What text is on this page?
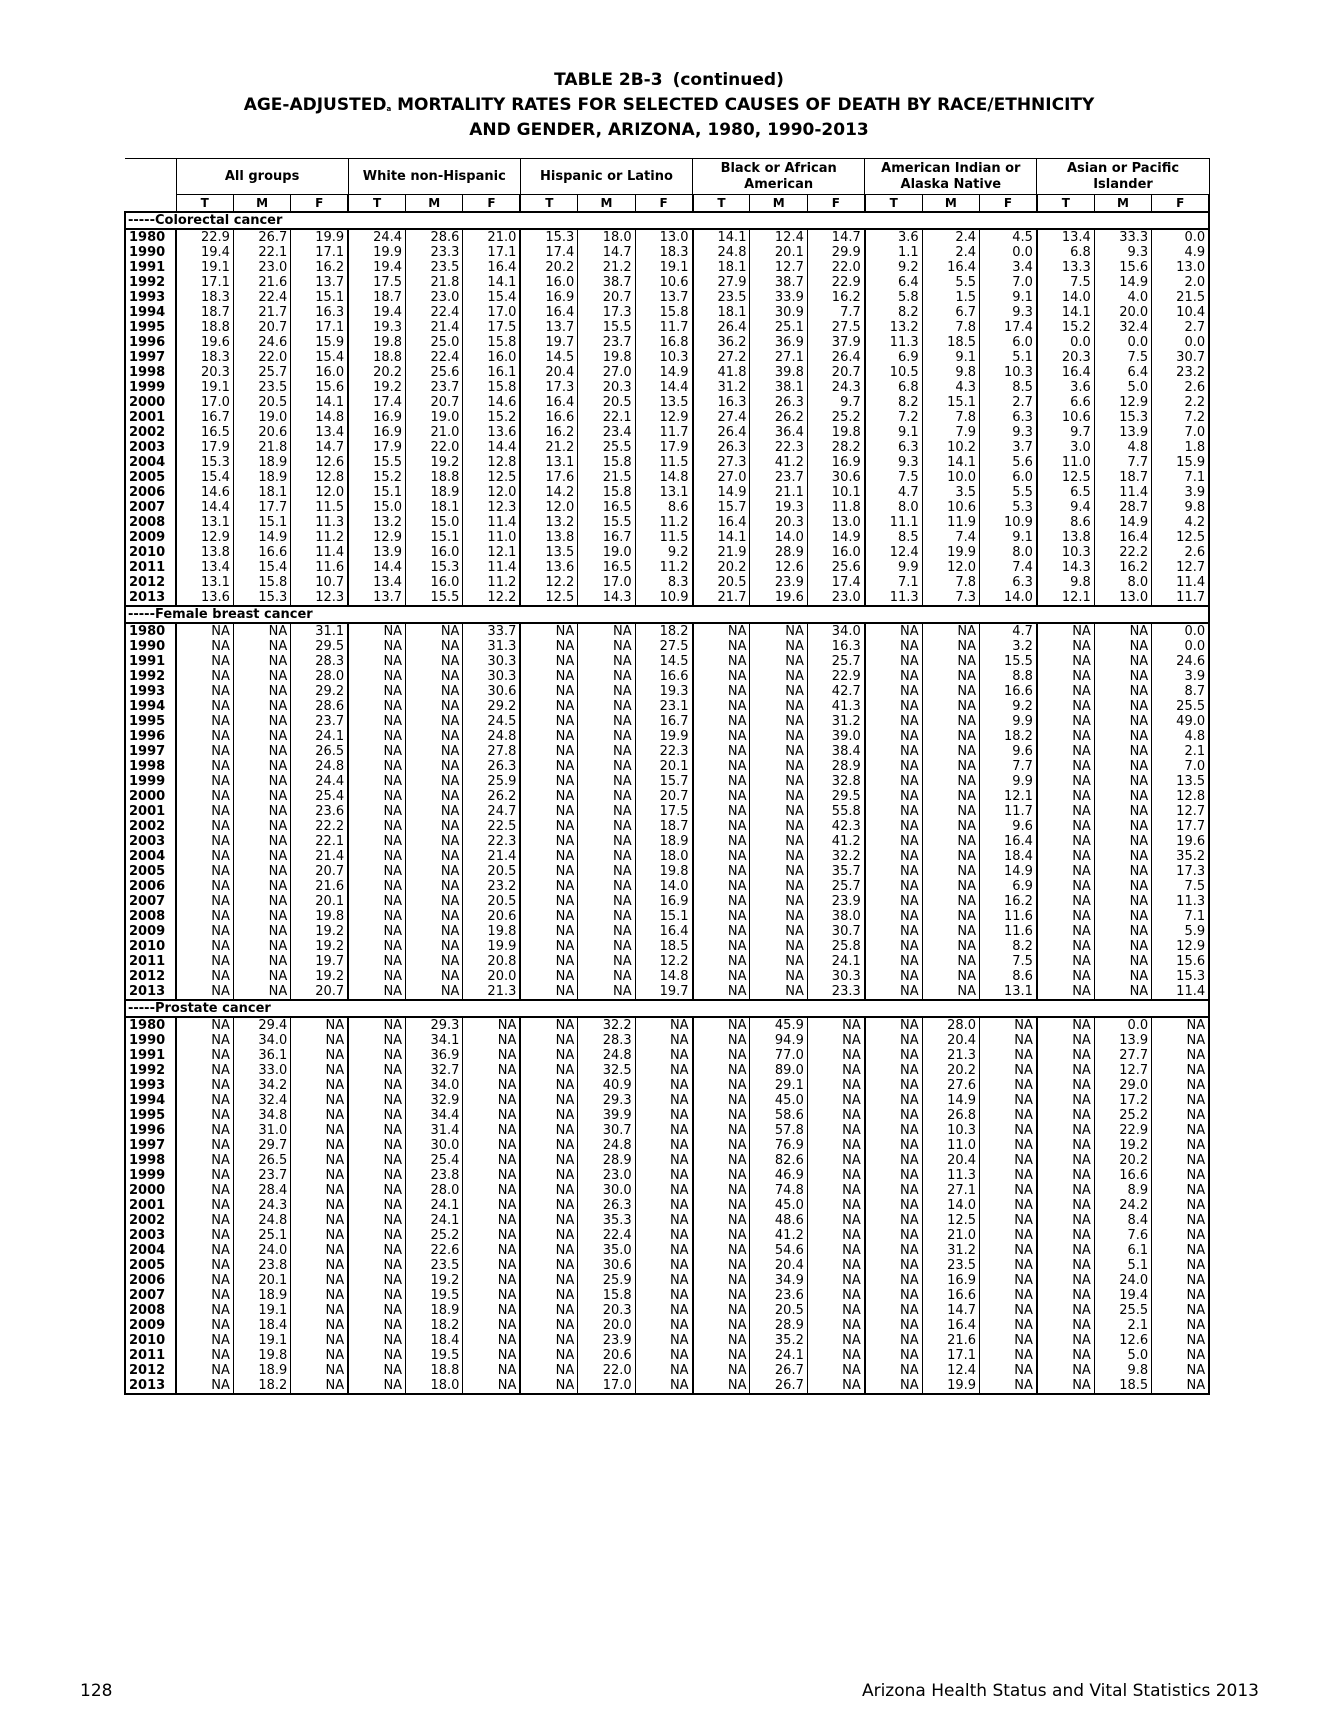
TABLE 2B-3 (continued)
AGE-ADJUSTED$^a$ MORTALITY RATES FOR SELECTED CAUSES OF DEATH BY RACE/ETHNICITY
AND GENDER, ARIZONA, 1980, 1990-2013
	All groups			White non-Hispanic			Hispanic or Latino			Black or African American			American Indian or Alaska Native			Asian or Pacific Islander		
	T	M	F	T	M	F	T	M	F	T	M	F	T	M	F	T	M	F
-----Colorectal cancer																		
1980	22.9	26.7	19.9	24.4	28.6	21.0	15.3	18.0	13.0	14.1	12.4	14.7	3.6	2.4	4.5	13.4	33.3	0.0
1990	19.4	22.1	17.1	19.9	23.3	17.1	17.4	14.7	18.3	24.8	20.1	29.9	1.1	2.4	0.0	6.8	9.3	4.9
1991	19.1	23.0	16.2	19.4	23.5	16.4	20.2	21.2	19.1	18.1	12.7	22.0	9.2	16.4	3.4	13.3	15.6	13.0
1992	17.1	21.6	13.7	17.5	21.8	14.1	16.0	38.7	10.6	27.9	38.7	22.9	6.4	5.5	7.0	7.5	14.9	2.0
1993	18.3	22.4	15.1	18.7	23.0	15.4	16.9	20.7	13.7	23.5	33.9	16.2	5.8	1.5	9.1	14.0	4.0	21.5
1994	18.7	21.7	16.3	19.4	22.4	17.0	16.4	17.3	15.8	18.1	30.9	7.7	8.2	6.7	9.3	14.1	20.0	10.4
1995	18.8	20.7	17.1	19.3	21.4	17.5	13.7	15.5	11.7	26.4	25.1	27.5	13.2	7.8	17.4	15.2	32.4	2.7
1996	19.6	24.6	15.9	19.8	25.0	15.8	19.7	23.7	16.8	36.2	36.9	37.9	11.3	18.5	6.0	0.0	0.0	0.0
1997	18.3	22.0	15.4	18.8	22.4	16.0	14.5	19.8	10.3	27.2	27.1	26.4	6.9	9.1	5.1	20.3	7.5	30.7
1998	20.3	25.7	16.0	20.2	25.6	16.1	20.4	27.0	14.9	41.8	39.8	20.7	10.5	9.8	10.3	16.4	6.4	23.2
1999	19.1	23.5	15.6	19.2	23.7	15.8	17.3	20.3	14.4	31.2	38.1	24.3	6.8	4.3	8.5	3.6	5.0	2.6
2000	17.0	20.5	14.1	17.4	20.7	14.6	16.4	20.5	13.5	16.3	26.3	9.7	8.2	15.1	2.7	6.6	12.9	2.2
2001	16.7	19.0	14.8	16.9	19.0	15.2	16.6	22.1	12.9	27.4	26.2	25.2	7.2	7.8	6.3	10.6	15.3	7.2
2002	16.5	20.6	13.4	16.9	21.0	13.6	16.2	23.4	11.7	26.4	36.4	19.8	9.1	7.9	9.3	9.7	13.9	7.0
2003	17.9	21.8	14.7	17.9	22.0	14.4	21.2	25.5	17.9	26.3	22.3	28.2	6.3	10.2	3.7	3.0	4.8	1.8
2004	15.3	18.9	12.6	15.5	19.2	12.8	13.1	15.8	11.5	27.3	41.2	16.9	9.3	14.1	5.6	11.0	7.7	15.9
2005	15.4	18.9	12.8	15.2	18.8	12.5	17.6	21.5	14.8	27.0	23.7	30.6	7.5	10.0	6.0	12.5	18.7	7.1
2006	14.6	18.1	12.0	15.1	18.9	12.0	14.2	15.8	13.1	14.9	21.1	10.1	4.7	3.5	5.5	6.5	11.4	3.9
2007	14.4	17.7	11.5	15.0	18.1	12.3	12.0	16.5	8.6	15.7	19.3	11.8	8.0	10.6	5.3	9.4	28.7	9.8
2008	13.1	15.1	11.3	13.2	15.0	11.4	13.2	15.5	11.2	16.4	20.3	13.0	11.1	11.9	10.9	8.6	14.9	4.2
2009	12.9	14.9	11.2	12.9	15.1	11.0	13.8	16.7	11.5	14.1	14.0	14.9	8.5	7.4	9.1	13.8	16.4	12.5
2010	13.8	16.6	11.4	13.9	16.0	12.1	13.5	19.0	9.2	21.9	28.9	16.0	12.4	19.9	8.0	10.3	22.2	2.6
2011	13.4	15.4	11.6	14.4	15.3	11.4	13.6	16.5	11.2	20.2	12.6	25.6	9.9	12.0	7.4	14.3	16.2	12.7
2012	13.1	15.8	10.7	13.4	16.0	11.2	12.2	17.0	8.3	20.5	23.9	17.4	7.1	7.8	6.3	9.8	8.0	11.4
2013	13.6	15.3	12.3	13.7	15.5	12.2	12.5	14.3	10.9	21.7	19.6	23.0	11.3	7.3	14.0	12.1	13.0	11.7
-----Female breast cancer																		
1980	NA	NA	31.1	NA	NA	33.7	NA	NA	18.2	NA	NA	34.0	NA	NA	4.7	NA	NA	0.0
1990	NA	NA	29.5	NA	NA	31.3	NA	NA	27.5	NA	NA	16.3	NA	NA	3.2	NA	NA	0.0
1991	NA	NA	28.3	NA	NA	30.3	NA	NA	14.5	NA	NA	25.7	NA	NA	15.5	NA	NA	24.6
1992	NA	NA	28.0	NA	NA	30.3	NA	NA	16.6	NA	NA	22.9	NA	NA	8.8	NA	NA	3.9
1993	NA	NA	29.2	NA	NA	30.6	NA	NA	19.3	NA	NA	42.7	NA	NA	16.6	NA	NA	8.7
1994	NA	NA	28.6	NA	NA	29.2	NA	NA	23.1	NA	NA	41.3	NA	NA	9.2	NA	NA	25.5
1995	NA	NA	23.7	NA	NA	24.5	NA	NA	16.7	NA	NA	31.2	NA	NA	9.9	NA	NA	49.0
1996	NA	NA	24.1	NA	NA	24.8	NA	NA	19.9	NA	NA	39.0	NA	NA	18.2	NA	NA	4.8
1997	NA	NA	26.5	NA	NA	27.8	NA	NA	22.3	NA	NA	38.4	NA	NA	9.6	NA	NA	2.1
1998	NA	NA	24.8	NA	NA	26.3	NA	NA	20.1	NA	NA	28.9	NA	NA	7.7	NA	NA	7.0
1999	NA	NA	24.4	NA	NA	25.9	NA	NA	15.7	NA	NA	32.8	NA	NA	9.9	NA	NA	13.5
2000	NA	NA	25.4	NA	NA	26.2	NA	NA	20.7	NA	NA	29.5	NA	NA	12.1	NA	NA	12.8
2001	NA	NA	23.6	NA	NA	24.7	NA	NA	17.5	NA	NA	55.8	NA	NA	11.7	NA	NA	12.7
2002	NA	NA	22.2	NA	NA	22.5	NA	NA	18.7	NA	NA	42.3	NA	NA	9.6	NA	NA	17.7
2003	NA	NA	22.1	NA	NA	22.3	NA	NA	18.9	NA	NA	41.2	NA	NA	16.4	NA	NA	19.6
2004	NA	NA	21.4	NA	NA	21.4	NA	NA	18.0	NA	NA	32.2	NA	NA	18.4	NA	NA	35.2
2005	NA	NA	20.7	NA	NA	20.5	NA	NA	19.8	NA	NA	35.7	NA	NA	14.9	NA	NA	17.3
2006	NA	NA	21.6	NA	NA	23.2	NA	NA	14.0	NA	NA	25.7	NA	NA	6.9	NA	NA	7.5
2007	NA	NA	20.1	NA	NA	20.5	NA	NA	16.9	NA	NA	23.9	NA	NA	16.2	NA	NA	11.3
2008	NA	NA	19.8	NA	NA	20.6	NA	NA	15.1	NA	NA	38.0	NA	NA	11.6	NA	NA	7.1
2009	NA	NA	19.2	NA	NA	19.8	NA	NA	16.4	NA	NA	30.7	NA	NA	11.6	NA	NA	5.9
2010	NA	NA	19.2	NA	NA	19.9	NA	NA	18.5	NA	NA	25.8	NA	NA	8.2	NA	NA	12.9
2011	NA	NA	19.7	NA	NA	20.8	NA	NA	12.2	NA	NA	24.1	NA	NA	7.5	NA	NA	15.6
2012	NA	NA	19.2	NA	NA	20.0	NA	NA	14.8	NA	NA	30.3	NA	NA	8.6	NA	NA	15.3
2013	NA	NA	20.7	NA	NA	21.3	NA	NA	19.7	NA	NA	23.3	NA	NA	13.1	NA	NA	11.4
-----Prostate cancer																		
1980	NA	29.4	NA	NA	29.3	NA	NA	32.2	NA	NA	45.9	NA	NA	28.0	NA	NA	0.0	NA
1990	NA	34.0	NA	NA	34.1	NA	NA	28.3	NA	NA	94.9	NA	NA	20.4	NA	NA	13.9	NA
1991	NA	36.1	NA	NA	36.9	NA	NA	24.8	NA	NA	77.0	NA	NA	21.3	NA	NA	27.7	NA
1992	NA	33.0	NA	NA	32.7	NA	NA	32.5	NA	NA	89.0	NA	NA	20.2	NA	NA	12.7	NA
1993	NA	34.2	NA	NA	34.0	NA	NA	40.9	NA	NA	29.1	NA	NA	27.6	NA	NA	29.0	NA
1994	NA	32.4	NA	NA	32.9	NA	NA	29.3	NA	NA	45.0	NA	NA	14.9	NA	NA	17.2	NA
1995	NA	34.8	NA	NA	34.4	NA	NA	39.9	NA	NA	58.6	NA	NA	26.8	NA	NA	25.2	NA
1996	NA	31.0	NA	NA	31.4	NA	NA	30.7	NA	NA	57.8	NA	NA	10.3	NA	NA	22.9	NA
1997	NA	29.7	NA	NA	30.0	NA	NA	24.8	NA	NA	76.9	NA	NA	11.0	NA	NA	19.2	NA
1998	NA	26.5	NA	NA	25.4	NA	NA	28.9	NA	NA	82.6	NA	NA	20.4	NA	NA	20.2	NA
1999	NA	23.7	NA	NA	23.8	NA	NA	23.0	NA	NA	46.9	NA	NA	11.3	NA	NA	16.6	NA
2000	NA	28.4	NA	NA	28.0	NA	NA	30.0	NA	NA	74.8	NA	NA	27.1	NA	NA	8.9	NA
2001	NA	24.3	NA	NA	24.1	NA	NA	26.3	NA	NA	45.0	NA	NA	14.0	NA	NA	24.2	NA
2002	NA	24.8	NA	NA	24.1	NA	NA	35.3	NA	NA	48.6	NA	NA	12.5	NA	NA	8.4	NA
2003	NA	25.1	NA	NA	25.2	NA	NA	22.4	NA	NA	41.2	NA	NA	21.0	NA	NA	7.6	NA
2004	NA	24.0	NA	NA	22.6	NA	NA	35.0	NA	NA	54.6	NA	NA	31.2	NA	NA	6.1	NA
2005	NA	23.8	NA	NA	23.5	NA	NA	30.6	NA	NA	20.4	NA	NA	23.5	NA	NA	5.1	NA
2006	NA	20.1	NA	NA	19.2	NA	NA	25.9	NA	NA	34.9	NA	NA	16.9	NA	NA	24.0	NA
2007	NA	18.9	NA	NA	19.5	NA	NA	15.8	NA	NA	23.6	NA	NA	16.6	NA	NA	19.4	NA
2008	NA	19.1	NA	NA	18.9	NA	NA	20.3	NA	NA	20.5	NA	NA	14.7	NA	NA	25.5	NA
2009	NA	18.4	NA	NA	18.2	NA	NA	20.0	NA	NA	28.9	NA	NA	16.4	NA	NA	2.1	NA
2010	NA	19.1	NA	NA	18.4	NA	NA	23.9	NA	NA	35.2	NA	NA	21.6	NA	NA	12.6	NA
2011	NA	19.8	NA	NA	19.5	NA	NA	20.6	NA	NA	24.1	NA	NA	17.1	NA	NA	5.0	NA
2012	NA	18.9	NA	NA	18.8	NA	NA	22.0	NA	NA	26.7	NA	NA	12.4	NA	NA	9.8	NA
2013	NA	18.2	NA	NA	18.0	NA	NA	17.0	NA	NA	26.7	NA	NA	19.9	NA	NA	18.5	NA
128	Arizona Health Status and Vital Statistics 2013
